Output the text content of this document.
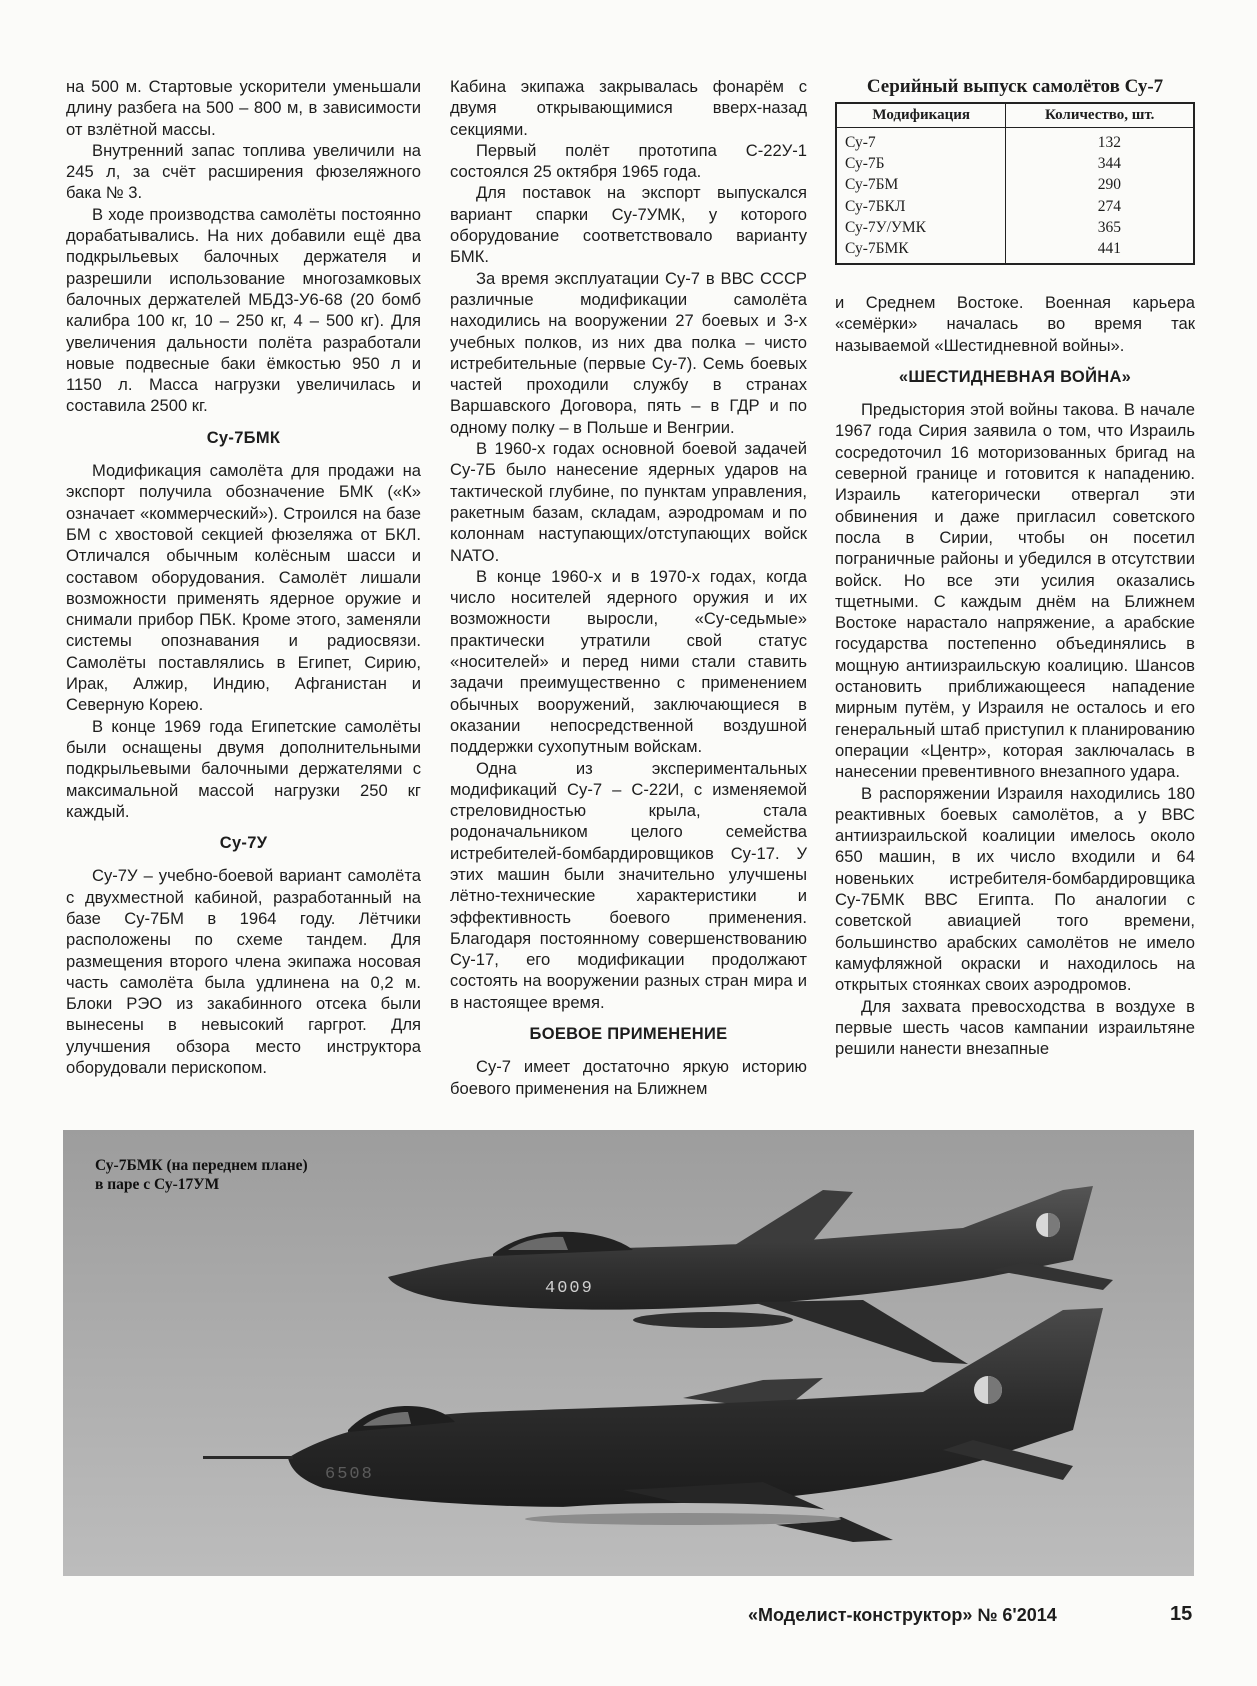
на 500 м. Стартовые ускорители уменьшали длину разбега на 500 – 800 м, в зависимости от взлётной массы.

Внутренний запас топлива увеличили на 245 л, за счёт расширения фюзеляжного бака № 3.

В ходе производства самолёты постоянно дорабатывались. На них добавили ещё два подкрыльевых балочных держателя и разрешили использование многозамковых балочных держателей МБД3-У6-68 (20 бомб калибра 100 кг, 10 – 250 кг, 4 – 500 кг). Для увеличения дальности полёта разработали новые подвесные баки ёмкостью 950 л и 1150 л. Масса нагрузки увеличилась и составила 2500 кг.

Су-7БМК

Модификация самолёта для продажи на экспорт получила обозначение БМК («К» означает «коммерческий»). Строился на базе БМ с хвостовой секцией фюзеляжа от БКЛ. Отличался обычным колёсным шасси и составом оборудования. Самолёт лишали возможности применять ядерное оружие и снимали прибор ПБК. Кроме этого, заменяли системы опознавания и радиосвязи. Самолёты поставлялись в Египет, Сирию, Ирак, Алжир, Индию, Афганистан и Северную Корею.

В конце 1969 года Египетские самолёты были оснащены двумя дополнительными подкрыльевыми балочными держателями с максимальной массой нагрузки 250 кг каждый.

Су-7У

Су-7У – учебно-боевой вариант самолёта с двухместной кабиной, разработанный на базе Су-7БМ в 1964 году. Лётчики расположены по схеме тандем. Для размещения второго члена экипажа носовая часть самолёта была удлинена на 0,2 м. Блоки РЭО из закабинного отсека были вынесены в невысокий гаргрот. Для улучшения обзора место инструктора оборудовали перископом.

Кабина экипажа закрывалась фонарём с двумя открывающимися вверх-назад секциями.

Первый полёт прототипа С-22У-1 состоялся 25 октября 1965 года.

Для поставок на экспорт выпускался вариант спарки Су-7УМК, у которого оборудование соответствовало варианту БМК.

За время эксплуатации Су-7 в ВВС СССР различные модификации самолёта находились на вооружении 27 боевых и 3-х учебных полков, из них два полка – чисто истребительные (первые Су-7). Семь боевых частей проходили службу в странах Варшавского Договора, пять – в ГДР и по одному полку – в Польше и Венгрии.

В 1960-х годах основной боевой задачей Су-7Б было нанесение ядерных ударов на тактической глубине, по пунктам управления, ракетным базам, складам, аэродромам и по колоннам наступающих/отступающих войск NATO.

В конце 1960-х и в 1970-х годах, когда число носителей ядерного оружия и их возможности выросли, «Су-седьмые» практически утратили свой статус «носителей» и перед ними стали ставить задачи преимущественно с применением обычных вооружений, заключающиеся в оказании непосредственной воздушной поддержки сухопутным войскам.

Одна из экспериментальных модификаций Су-7 – С-22И, с изменяемой стреловидностью крыла, стала родоначальником целого семейства истребителей-бомбардировщиков Су-17. У этих машин были значительно улучшены лётно-технические характеристики и эффективность боевого применения. Благодаря постоянному совершенствованию Су-17, его модификации продолжают состоять на вооружении разных стран мира и в настоящее время.

БОЕВОЕ ПРИМЕНЕНИЕ

Су-7 имеет достаточно яркую историю боевого применения на Ближнем

Серийный выпуск самолётов Су-7
Модификация	Количество, шт.
Су-7	132
Су-7Б	344
Су-7БМ	290
Су-7БКЛ	274
Су-7У/УМК	365
Су-7БМК	441

и Среднем Востоке. Военная карьера «семёрки» началась во время так называемой «Шестидневной войны».

«ШЕСТИДНЕВНАЯ ВОЙНА»

Предыстория этой войны такова. В начале 1967 года Сирия заявила о том, что Израиль сосредоточил 16 моторизованных бригад на северной границе и готовится к нападению. Израиль категорически отвергал эти обвинения и даже пригласил советского посла в Сирии, чтобы он посетил пограничные районы и убедился в отсутствии войск. Но все эти усилия оказались тщетными. С каждым днём на Ближнем Востоке нарастало напряжение, а арабские государства постепенно объединялись в мощную антиизраильскую коалицию. Шансов остановить приближающееся нападение мирным путём, у Израиля не осталось и его генеральный штаб приступил к планированию операции «Центр», которая заключалась в нанесении превентивного внезапного удара.

В распоряжении Израиля находились 180 реактивных боевых самолётов, а у ВВС антиизраильской коалиции имелось около 650 машин, в их число входили и 64 новеньких истребителя-бомбардировщика Су-7БМК ВВС Египта. По аналогии с советской авиацией того времени, большинство арабских самолётов не имело камуфляжной окраски и находилось на открытых стоянках своих аэродромов.

Для захвата превосходства в воздухе в первые шесть часов кампании израильтяне решили нанести внезапные

4009
6508
Су-7БМК (на переднем плане)
в паре с Су-17УМ
«Моделист-конструктор» № 6'2014	15
